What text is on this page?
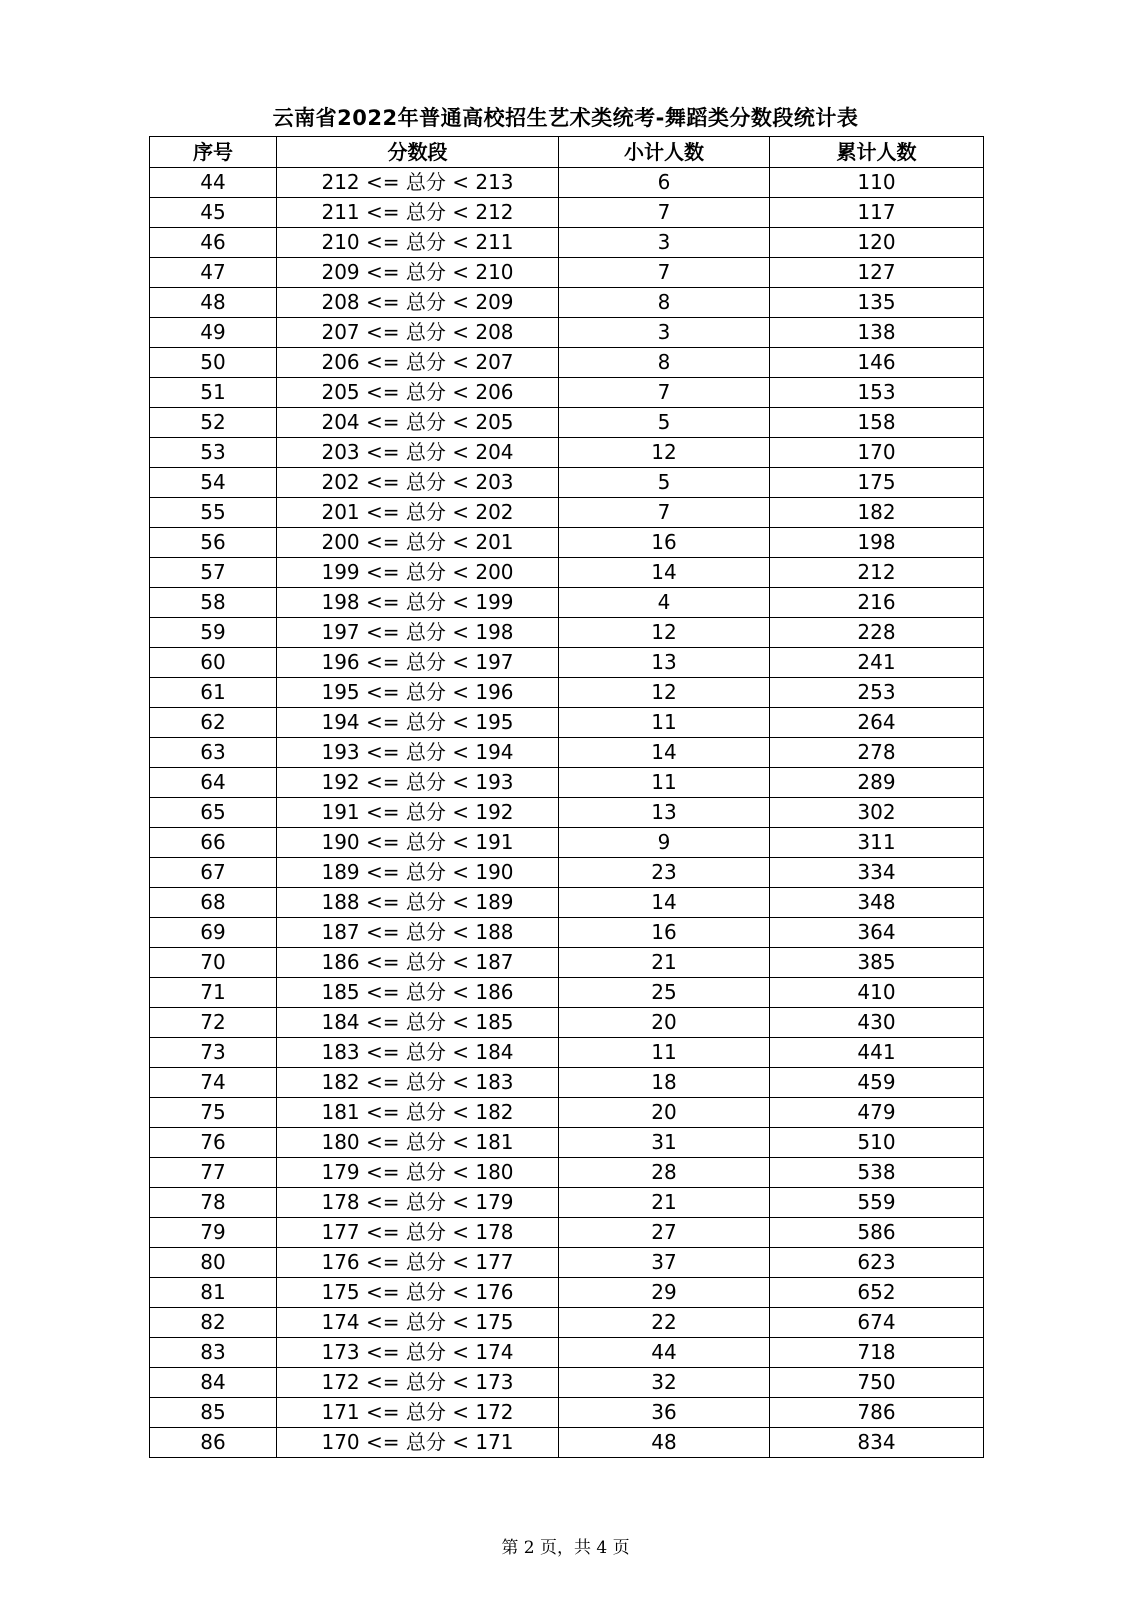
云南省2022年普通高校招生艺术类统考-舞蹈类分数段统计表
序号	分数段	小计人数	累计人数
44	212 <= 总分 < 213	6	110
45	211 <= 总分 < 212	7	117
46	210 <= 总分 < 211	3	120
47	209 <= 总分 < 210	7	127
48	208 <= 总分 < 209	8	135
49	207 <= 总分 < 208	3	138
50	206 <= 总分 < 207	8	146
51	205 <= 总分 < 206	7	153
52	204 <= 总分 < 205	5	158
53	203 <= 总分 < 204	12	170
54	202 <= 总分 < 203	5	175
55	201 <= 总分 < 202	7	182
56	200 <= 总分 < 201	16	198
57	199 <= 总分 < 200	14	212
58	198 <= 总分 < 199	4	216
59	197 <= 总分 < 198	12	228
60	196 <= 总分 < 197	13	241
61	195 <= 总分 < 196	12	253
62	194 <= 总分 < 195	11	264
63	193 <= 总分 < 194	14	278
64	192 <= 总分 < 193	11	289
65	191 <= 总分 < 192	13	302
66	190 <= 总分 < 191	9	311
67	189 <= 总分 < 190	23	334
68	188 <= 总分 < 189	14	348
69	187 <= 总分 < 188	16	364
70	186 <= 总分 < 187	21	385
71	185 <= 总分 < 186	25	410
72	184 <= 总分 < 185	20	430
73	183 <= 总分 < 184	11	441
74	182 <= 总分 < 183	18	459
75	181 <= 总分 < 182	20	479
76	180 <= 总分 < 181	31	510
77	179 <= 总分 < 180	28	538
78	178 <= 总分 < 179	21	559
79	177 <= 总分 < 178	27	586
80	176 <= 总分 < 177	37	623
81	175 <= 总分 < 176	29	652
82	174 <= 总分 < 175	22	674
83	173 <= 总分 < 174	44	718
84	172 <= 总分 < 173	32	750
85	171 <= 总分 < 172	36	786
86	170 <= 总分 < 171	48	834
第 2 页，共 4 页
